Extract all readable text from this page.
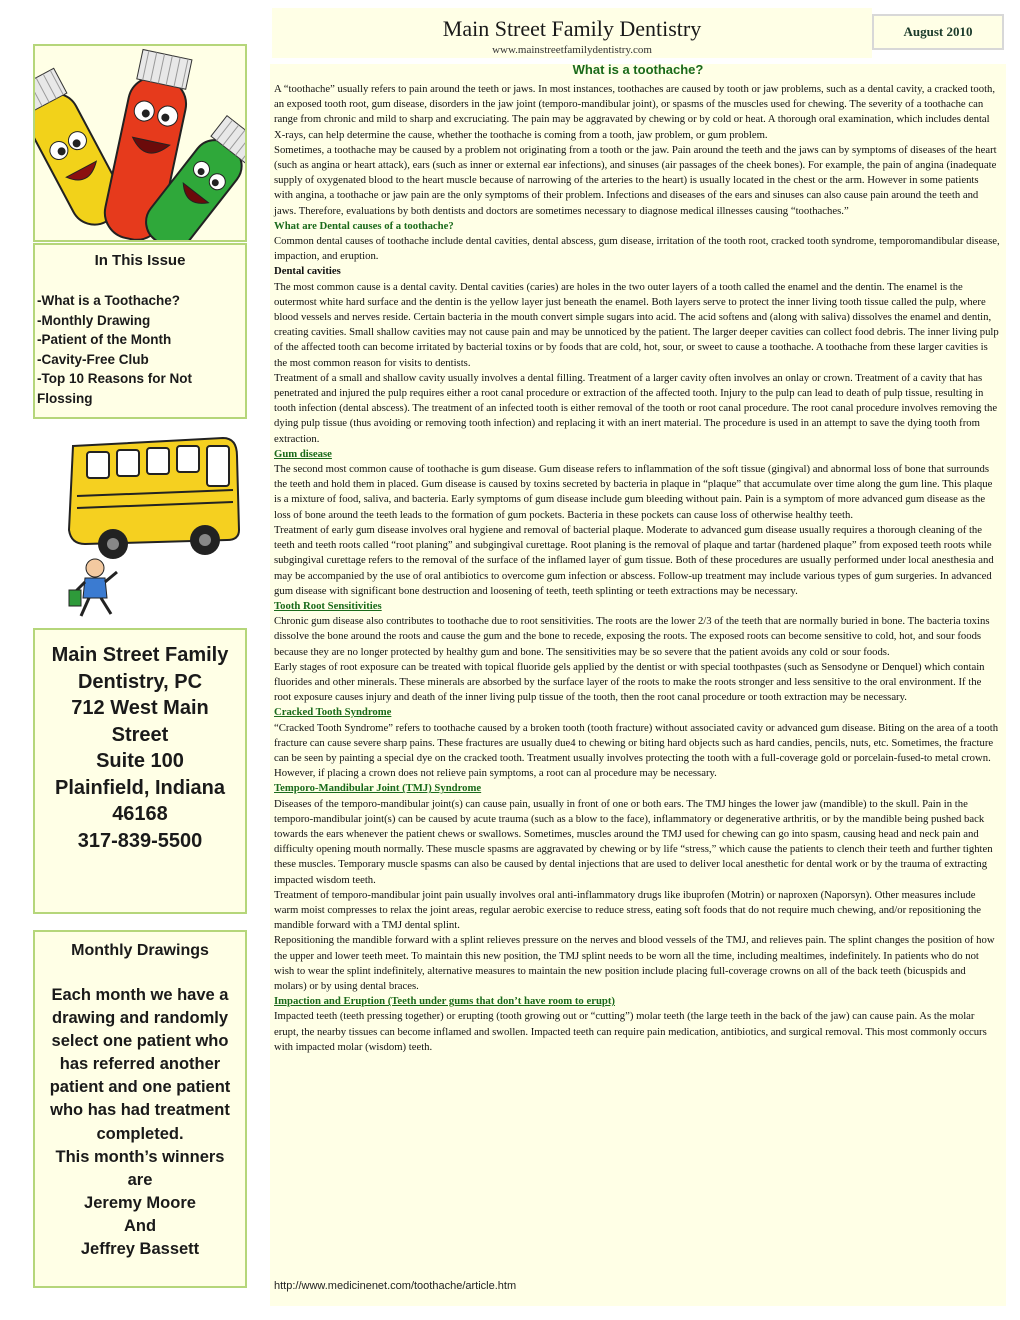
Main Street Family Dentistry
www.mainstreetfamilydentistry.com
August 2010
In This Issue
-What is a Toothache?
-Monthly Drawing
-Patient of the Month
-Cavity-Free Club
-Top 10 Reasons for Not
Flossing
Main Street Family
Dentistry, PC
712 West Main
Street
Suite 100
Plainfield, Indiana
46168
317-839-5500
Monthly Drawings
Each month we have a
drawing and randomly
select one patient who
has referred another
patient and one patient
who has had treatment
completed.
This month’s winners
are
Jeremy Moore
And
Jeffrey Bassett
What is a toothache?

A “toothache” usually refers to pain around the teeth or jaws. In most instances, toothaches are caused by tooth or jaw problems, such as a dental cavity, a cracked tooth, an exposed tooth root, gum disease, disorders in the jaw joint (temporo-mandibular joint), or spasms of the muscles used for chewing. The severity of a toothache can range from chronic and mild to sharp and excruciating. The pain may be aggravated by chewing or by cold or heat. A thorough oral examination, which includes dental X-rays, can help determine the cause, whether the toothache is coming from a tooth, jaw problem, or gum problem.

Sometimes, a toothache may be caused by a problem not originating from a tooth or the jaw. Pain around the teeth and the jaws can by symptoms of diseases of the heart (such as angina or heart attack), ears (such as inner or external ear infections), and sinuses (air passages of the cheek bones). For example, the pain of angina (inadequate supply of oxygenated blood to the heart muscle because of narrowing of the arteries to the heart) is usually located in the chest or the arm. However in some patients with angina, a toothache or jaw pain are the only symptoms of their problem. Infections and diseases of the ears and sinuses can also cause pain around the teeth and jaws. Therefore, evaluations by both dentists and doctors are sometimes necessary to diagnose medical illnesses causing “toothaches.”

What are Dental causes of a toothache?

Common dental causes of toothache include dental cavities, dental abscess, gum disease, irritation of the tooth root, cracked tooth syndrome, temporomandibular disease, impaction, and eruption.

Dental cavities

The most common cause is a dental cavity. Dental cavities (caries) are holes in the two outer layers of a tooth called the enamel and the dentin. The enamel is the outermost white hard surface and the dentin is the yellow layer just beneath the enamel. Both layers serve to protect the inner living tooth tissue called the pulp, where blood vessels and nerves reside. Certain bacteria in the mouth convert simple sugars into acid. The acid softens and (along with saliva) dissolves the enamel and dentin, creating cavities. Small shallow cavities may not cause pain and may be unnoticed by the patient. The larger deeper cavities can collect food debris. The inner living pulp of the affected tooth can become irritated by bacterial toxins or by foods that are cold, hot, sour, or sweet to cause a toothache. A toothache from these larger cavities is the most common reason for visits to dentists.

Treatment of a small and shallow cavity usually involves a dental filling. Treatment of a larger cavity often involves an onlay or crown. Treatment of a cavity that has penetrated and injured the pulp requires either a root canal procedure or extraction of the affected tooth. Injury to the pulp can lead to death of pulp tissue, resulting in tooth infection (dental abscess). The treatment of an infected tooth is either removal of the tooth or root canal procedure. The root canal procedure involves removing the dying pulp tissue (thus avoiding or removing tooth infection) and replacing it with an inert material. The procedure is used in an attempt to save the dying tooth from extraction.

Gum disease

The second most common cause of toothache is gum disease. Gum disease refers to inflammation of the soft tissue (gingival) and abnormal loss of bone that surrounds the teeth and hold them in placed. Gum disease is caused by toxins secreted by bacteria in plaque in “plaque” that accumulate over time along the gum line. This plaque is a mixture of food, saliva, and bacteria. Early symptoms of gum disease include gum bleeding without pain. Pain is a symptom of more advanced gum disease as the loss of bone around the teeth leads to the formation of gum pockets. Bacteria in these pockets can cause loss of otherwise healthy teeth.

Treatment of early gum disease involves oral hygiene and removal of bacterial plaque. Moderate to advanced gum disease usually requires a thorough cleaning of the teeth and teeth roots called “root planing” and subgingival curettage. Root planing is the removal of plaque and tartar (hardened plaque” from exposed teeth roots while subgingival curettage refers to the removal of the surface of the inflamed layer of gum tissue. Both of these procedures are usually performed under local anesthesia and may be accompanied by the use of oral antibiotics to overcome gum infection or abscess. Follow-up treatment may include various types of gum surgeries. In advanced gum disease with significant bone destruction and loosening of teeth, teeth splinting or teeth extractions may be necessary.

Tooth Root Sensitivities

Chronic gum disease also contributes to toothache due to root sensitivities. The roots are the lower 2/3 of the teeth that are normally buried in bone. The bacteria toxins dissolve the bone around the roots and cause the gum and the bone to recede, exposing the roots. The exposed roots can become sensitive to cold, hot, and sour foods because they are no longer protected by healthy gum and bone. The sensitivities may be so severe that the patient avoids any cold or sour foods.

Early stages of root exposure can be treated with topical fluoride gels applied by the dentist or with special toothpastes (such as Sensodyne or Denquel) which contain fluorides and other minerals. These minerals are absorbed by the surface layer of the roots to make the roots stronger and less sensitive to the oral environment. If the root exposure causes injury and death of the inner living pulp tissue of the tooth, then the root canal procedure or tooth extraction may be necessary.

Cracked Tooth Syndrome

“Cracked Tooth Syndrome” refers to toothache caused by a broken tooth (tooth fracture) without associated cavity or advanced gum disease. Biting on the area of a tooth fracture can cause severe sharp pains. These fractures are usually due4 to chewing or biting hard objects such as hard candies, pencils, nuts, etc. Sometimes, the fracture can be seen by painting a special dye on the cracked tooth. Treatment usually involves protecting the tooth with a full-coverage gold or porcelain-fused-to metal crown. However, if placing a crown does not relieve pain symptoms, a root can al procedure may be necessary.

Temporo-Mandibular Joint (TMJ) Syndrome

Diseases of the temporo-mandibular joint(s) can cause pain, usually in front of one or both ears. The TMJ hinges the lower jaw (mandible) to the skull. Pain in the temporo-mandibular joint(s) can be caused by acute trauma (such as a blow to the face), inflammatory or degenerative arthritis, or by the mandible being pushed back towards the ears whenever the patient chews or swallows. Sometimes, muscles around the TMJ used for chewing can go into spasm, causing head and neck pain and difficulty opening mouth normally. These muscle spasms are aggravated by chewing or by life “stress,” which cause the patients to clench their teeth and further tighten these muscles. Temporary muscle spasms can also be caused by dental injections that are used to deliver local anesthetic for dental work or by the trauma of extracting impacted wisdom teeth.

Treatment of temporo-mandibular joint pain usually involves oral anti-inflammatory drugs like ibuprofen (Motrin) or naproxen (Naporsyn). Other measures include warm moist compresses to relax the joint areas, regular aerobic exercise to reduce stress, eating soft foods that do not require much chewing, and/or repositioning the mandible forward with a TMJ dental splint.

Repositioning the mandible forward with a splint relieves pressure on the nerves and blood vessels of the TMJ, and relieves pain. The splint changes the position of how the upper and lower teeth meet. To maintain this new position, the TMJ splint needs to be worn all the time, including mealtimes, indefinitely. In patients who do not wish to wear the splint indefinitely, alternative measures to maintain the new position include placing full-coverage crowns on all of the back teeth (bicuspids and molars) or by using dental braces.

Impaction and Eruption (Teeth under gums that don’t have room to erupt)

Impacted teeth (teeth pressing together) or erupting (tooth growing out or “cutting”) molar teeth (the large teeth in the back of the jaw) can cause pain. As the molar erupt, the nearby tissues can become inflamed and swollen. Impacted teeth can require pain medication, antibiotics, and surgical removal. This most commonly occurs with impacted molar (wisdom) teeth.

http://www.medicinenet.com/toothache/article.htm
